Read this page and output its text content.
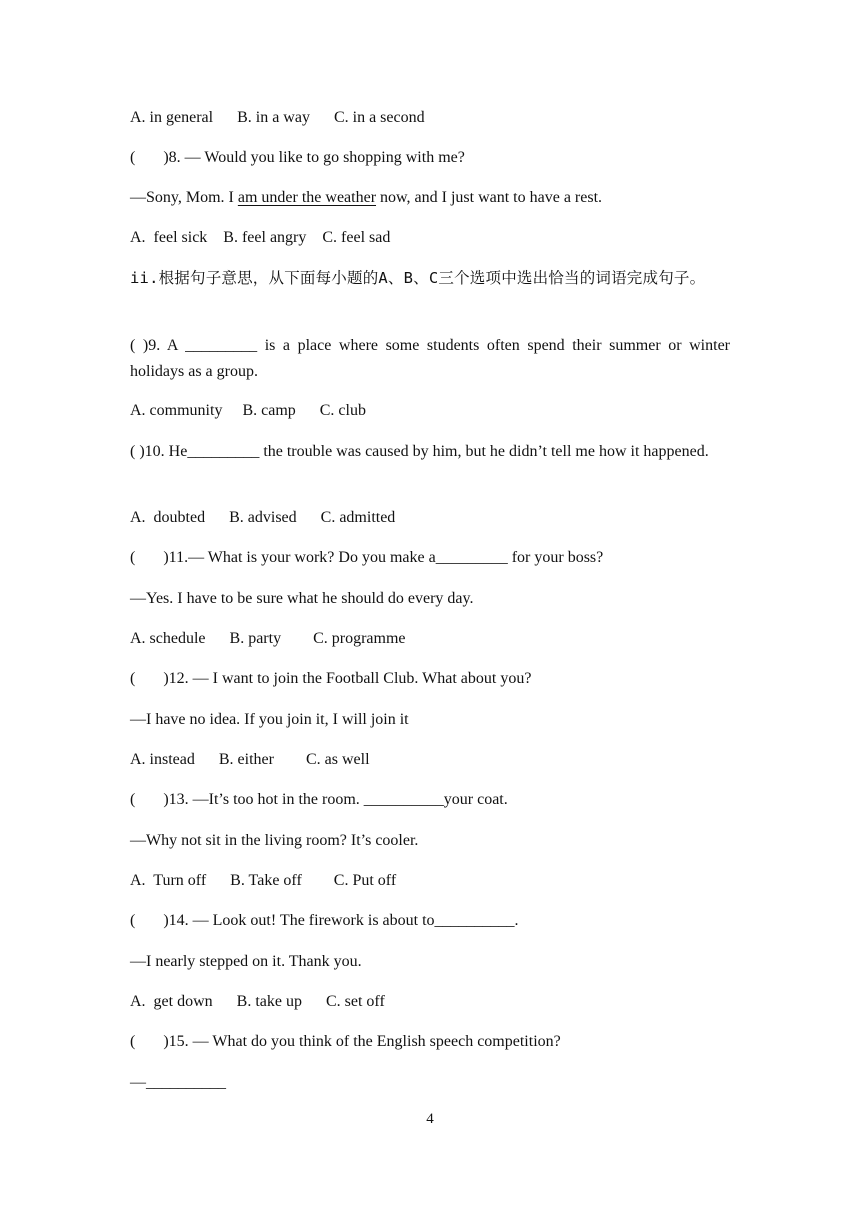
A. in general      B. in a way      C. in a second
(       )8. — Would you like to go shopping with me?
—Sony, Mom. I am under the weather now, and I just want to have a rest.
A.  feel sick    B. feel angry    C. feel sad
ii.根据句子意思，从下面每小题的A、B、C三个选项中选出恰当的词语完成句子。
( )9. A _________ is a place where some students often spend their summer or winter holidays as a group.
A. community     B. camp      C. club
( )10. He_________ the trouble was caused by him, but he didn’t tell me how it happened.
A.  doubted      B. advised      C. admitted
(       )11.— What is your work? Do you make a_________ for your boss?
—Yes. I have to be sure what he should do every day.
A. schedule      B. party        C. programme
(       )12. — I want to join the Football Club. What about you?
—I have no idea. If you join it, I will join it
A. instead      B. either        C. as well
(       )13. —It’s too hot in the room. __________your coat.
—Why not sit in the living room? It’s cooler.
A.  Turn off      B. Take off        C. Put off
(       )14. — Look out! The firework is about to__________.
—I nearly stepped on it. Thank you.
A.  get down      B. take up      C. set off
(       )15. — What do you think of the English speech competition?
—__________
4
